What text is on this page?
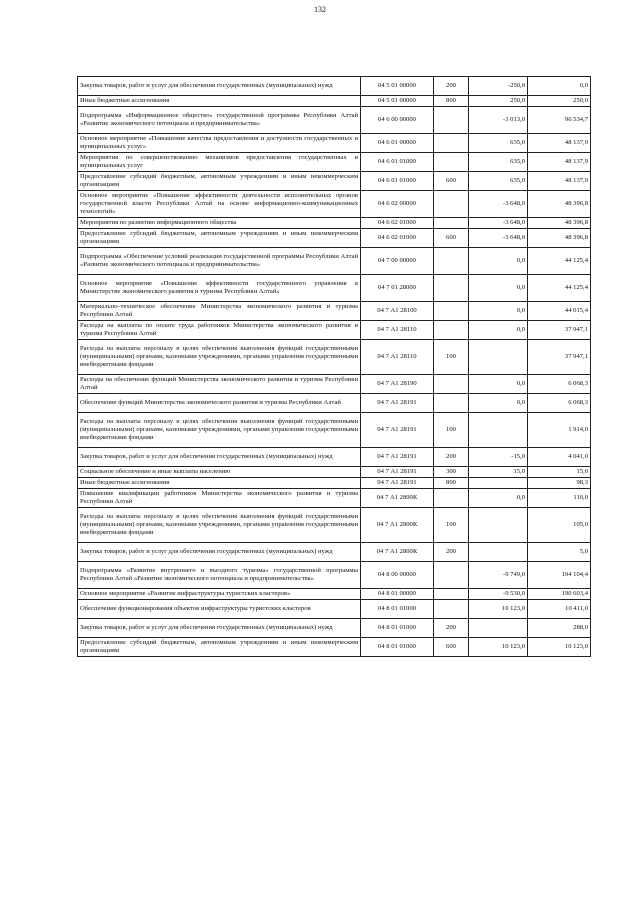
132
Закупка товаров, работ и услуг для обеспечения государственных (муниципальных) нужд	04 5 01 00000	200	-250,0	0,0
Иные бюджетные ассигнования	04 5 01 00000	800	250,0	250,0
Подпрограмма «Информационное общество» государственной программы Республики Алтай «Развитие экономического потенциала и предпринимательства»	04 6 00 00000		-3 013,0	96 534,7
Основное мероприятие «Повышение качества предоставления и доступности государственных и муниципальных услуг»	04 6 01 00000		635,0	48 137,9
Мероприятия по совершенствованию механизмов предоставления государственных и муниципальных услуг	04 6 01 01000		635,0	48 137,9
Предоставление субсидий бюджетным, автономным учреждениям и иным некоммерческим организациям	04 6 01 01000	600	635,0	48 137,9
Основное мероприятие «Повышение эффективности деятельности исполнительных органов государственной власти Республики Алтай на основе информационно-коммуникационных технологий»	04 6 02 00000		-3 648,0	48 396,8
Мероприятия по развитию информационного общества	04 6 02 01000		-3 648,0	48 396,8
Предоставление субсидий бюджетным, автономным учреждениям и иным некоммерческим организациям	04 6 02 01000	600	-3 648,0	48 396,8
Подпрограмма «Обеспечение условий реализации государственной программы Республики Алтай «Развитие экономического потенциала и предпринимательства»	04 7 00 00000		0,0	44 125,4
Основное мероприятие «Повышение эффективности государственного управления в Министерстве экономического развития и туризма Республики Алтай»	04 7 01 28000		0,0	44 125,4
Материально–техническое обеспечение Министерства экономического развития и туризма Республики Алтай	04 7 А1 28100		0,0	44 015,4
Расходы на выплаты по оплате труда работников Министерства экономического развития и туризма Республики Алтай	04 7 А1 28110		0,0	37 947,1
Расходы на выплаты персоналу в целях обеспечения выполнения функций государственными (муниципальными) органами, казенными учреждениями, органами управления государственными внебюджетными фондами	04 7 А1 28110	100		37 947,1
Расходы на обеспечение функций Министерства экономического развития и туризма Республики Алтай	04 7 А1 28190		0,0	6 068,3
Обеспечение функций Министерства экономического развития и туризма Республики Алтай	04 7 А1 28191		0,0	6 068,3
Расходы на выплаты персоналу в целях обеспечения выполнения функций государственными (муниципальными) органами, казенными учреждениями, органами управления государственными внебюджетными фондами	04 7 А1 28191	100		1 914,0
Закупка товаров, работ и услуг для обеспечения государственных (муниципальных) нужд	04 7 А1 28191	200	-15,0	4 041,0
Социальное обеспечение и иные выплаты населению	04 7 А1 28191	300	15,0	15,0
Иные бюджетные ассигнования	04 7 А1 28191	800		98,3
Повышение квалификации работников Министерства экономического развития и туризма Республики Алтай	04 7 А1 2800К		0,0	110,0
Расходы на выплаты персоналу в целях обеспечения выполнения функций государственными (муниципальными) органами, казенными учреждениями, органами управления государственными внебюджетными фондами	04 7 А1 2800К	100		105,0
Закупка товаров, работ и услуг для обеспечения государственных (муниципальных) нужд	04 7 А1 2800К	200		5,0
Подпрограмма «Развитие внутреннего и въездного туризма» государственной программы Республики Алтай «Развитие экономического потенциала и предпринимательства»	04 8 00 00000		-9 749,0	194 104,4
Основное мероприятие «Развитие инфраструктуры туристских кластеров»	04 8 01 00000		-9 530,0	190 603,4
Обеспечение функционирования объектов инфраструктуры туристских кластеров	04 8 01 01000		10 123,0	10 411,0
Закупка товаров, работ и услуг для обеспечения государственных (муниципальных) нужд	04 8 01 01000	200		288,0
Предоставление субсидий бюджетным, автономным учреждениям и иным некоммерческим организациям	04 8 01 01000	600	10 123,0	10 123,0
